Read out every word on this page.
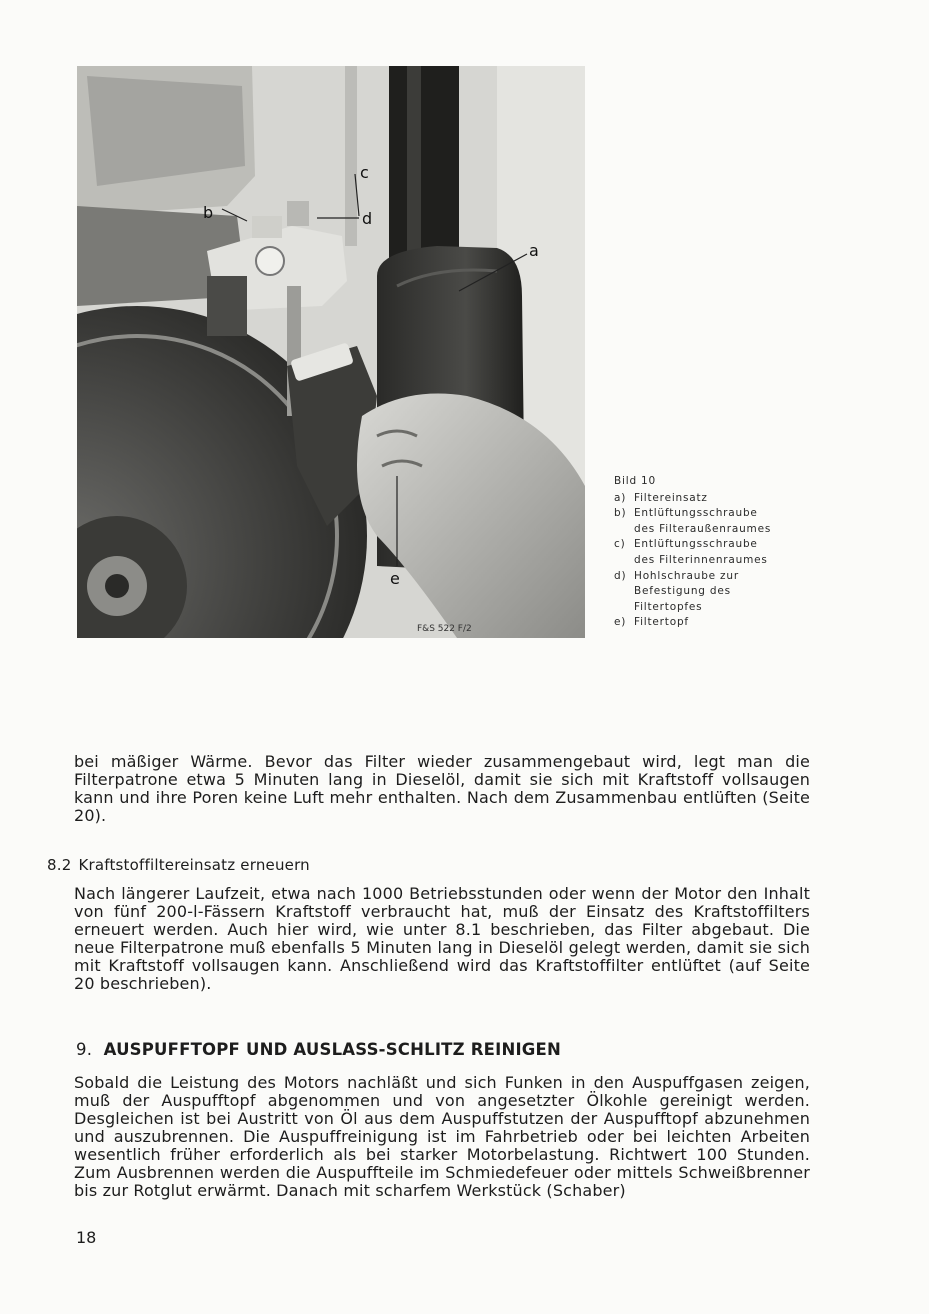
c
b	d
a
e
F&S 522 F/2
Bild 10
a) Filtereinsatz
b) Entlüftungsschraube
des Filteraußenraumes
c) Entlüftungsschraube
des Filterinnenraumes
d) Hohlschraube zur
Befestigung des
Filtertopfes
e) Filtertopf
bei mäßiger Wärme. Bevor das Filter wieder zusammengebaut wird, legt man die Filterpatrone etwa 5 Minuten lang in Dieselöl, damit sie sich mit Kraftstoff vollsaugen kann und ihre Poren keine Luft mehr enthalten. Nach dem Zusammenbau entlüften (Seite 20).
8.2 Kraftstoffiltereinsatz erneuern
Nach längerer Laufzeit, etwa nach 1000 Betriebsstunden oder wenn der Motor den Inhalt von fünf 200-l-Fässern Kraftstoff verbraucht hat, muß der Einsatz des Kraftstoffilters erneuert werden. Auch hier wird, wie unter 8.1 beschrieben, das Filter abgebaut. Die neue Filterpatrone muß ebenfalls 5 Minuten lang in Dieselöl gelegt werden, damit sie sich mit Kraftstoff vollsaugen kann. Anschließend wird das Kraftstoffilter entlüftet (auf Seite 20 beschrieben).
9. AUSPUFFTOPF UND AUSLASS-SCHLITZ REINIGEN
Sobald die Leistung des Motors nachläßt und sich Funken in den Auspuffgasen zeigen, muß der Auspufftopf abgenommen und von angesetzter Ölkohle gereinigt werden. Desgleichen ist bei Austritt von Öl aus dem Auspuffstutzen der Auspufftopf abzunehmen und auszubrennen. Die Auspuffreinigung ist im Fahrbetrieb oder bei leichten Arbeiten wesentlich früher erforderlich als bei starker Motorbelastung. Richtwert 100 Stunden. Zum Ausbrennen werden die Auspuffteile im Schmiedefeuer oder mittels Schweißbrenner bis zur Rotglut erwärmt. Danach mit scharfem Werkstück (Schaber)
18
